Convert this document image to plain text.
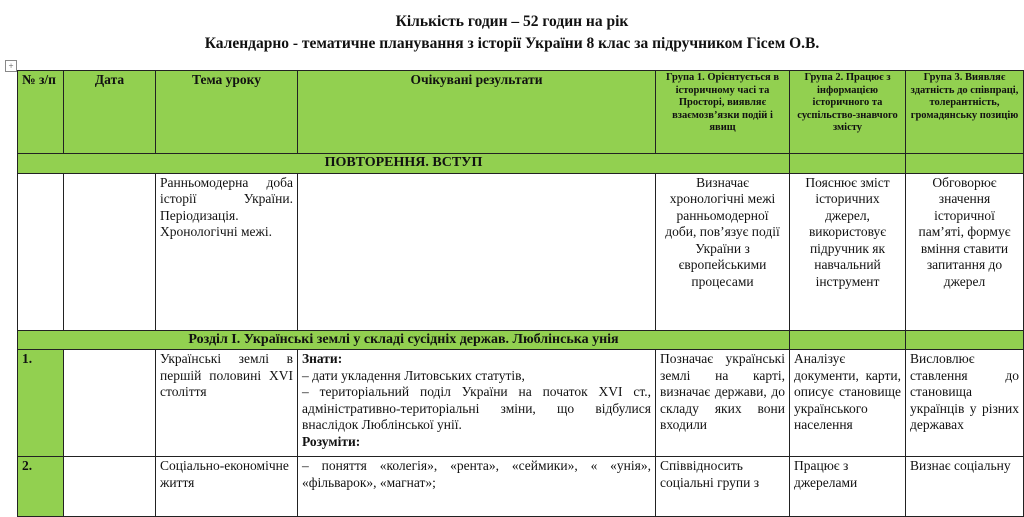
Кількість годин – 52 годин на рік
Календарно - тематичне планування з історії України 8 клас за підручником Гісем О.В.
+
№ з/п	Дата	Тема уроку	Очікувані результати	Група 1. Орієнтується в історичному часі та Просторі, виявляє взаємозв’язки подій і явищ	Група 2. Працює з інформацією історичного та суспільство-знавчого змісту	Група 3. Виявляє здатність до співпраці, толерантність, громадянську позицію
ПОВТОРЕННЯ. ВСТУП						
		Ранньомодерна доба історії України. Періодизація. Хронологічні межі.		Визначає хронологічні межі ранньомодерної доби, пов’язує події України з європейськими процесами	Пояснює зміст історичних джерел, використовує підручник як навчальний інструмент	Обговорює значення історичної пам’яті, формує вміння ставити запитання до джерел
Розділ І. Українські землі у складі сусідніх держав. Люблінська унія						
1.		Українські землі в першій половині XVI століття	Знати:
– дати укладення Литовських статутів,
– територіальний поділ України на початок XVI ст., адміністративно-територіальні зміни, що відбулися внаслідок Люблінської унії.
Розуміти:	Позначає українські землі на карті, визначає держави, до складу яких вони входили	Аналізує документи, карти, описує становище українського населення	Висловлює ставлення до становища українців у різних державах
2.		Соціально-економічне життя	– поняття «колегія», «рента», «сеймики», « «унія», «фільварок», «магнат»;	Співвідносить соціальні групи з	Працює з джерелами	Визнає соціальну
